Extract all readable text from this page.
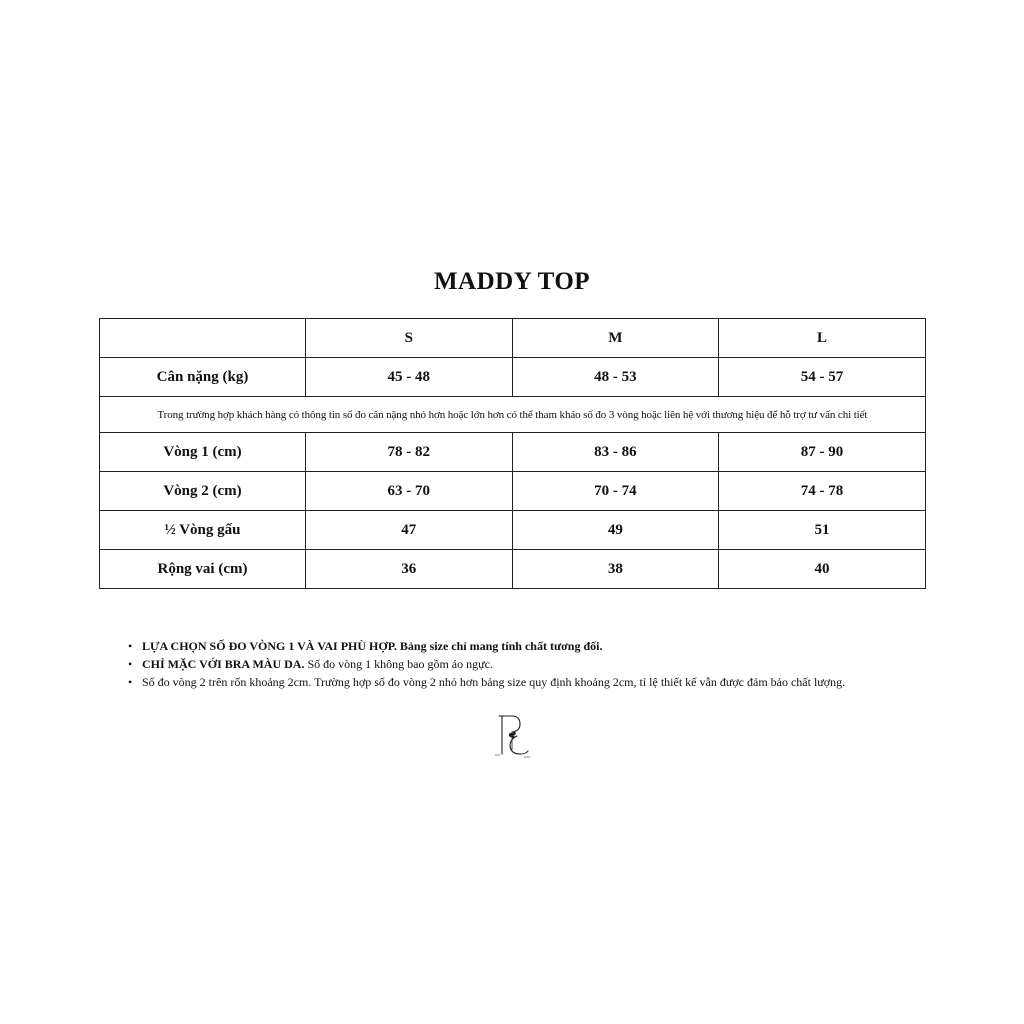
MADDY TOP
	S	M	L
Cân nặng (kg)	45 - 48	48 - 53	54 - 57
Trong trường hợp khách hàng có thông tin số đo cân nặng nhỏ hơn hoặc lớn hơn có thể tham khảo số đo 3 vòng hoặc liên hệ với thương hiệu để hỗ trợ tư vấn chi tiết			
Vòng 1 (cm)	78 - 82	83 - 86	87 - 90
Vòng 2 (cm)	63 - 70	70 - 74	74 - 78
½ Vòng gấu	47	49	51
Rộng vai (cm)	36	38	40
• LỰA CHỌN SỐ ĐO VÒNG 1 VÀ VAI PHÙ HỢP. Bảng size chỉ mang tính chất tương đối.
• CHỈ MẶC VỚI BRA MÀU DA. Số đo vòng 1 không bao gồm áo ngực.
• Số đo vòng 2 trên rốn khoảng 2cm. Trường hợp số đo vòng 2 nhỏ hơn bảng size quy định khoảng 2cm, tỉ lệ thiết kế vẫn được đảm bảo chất lượng.
